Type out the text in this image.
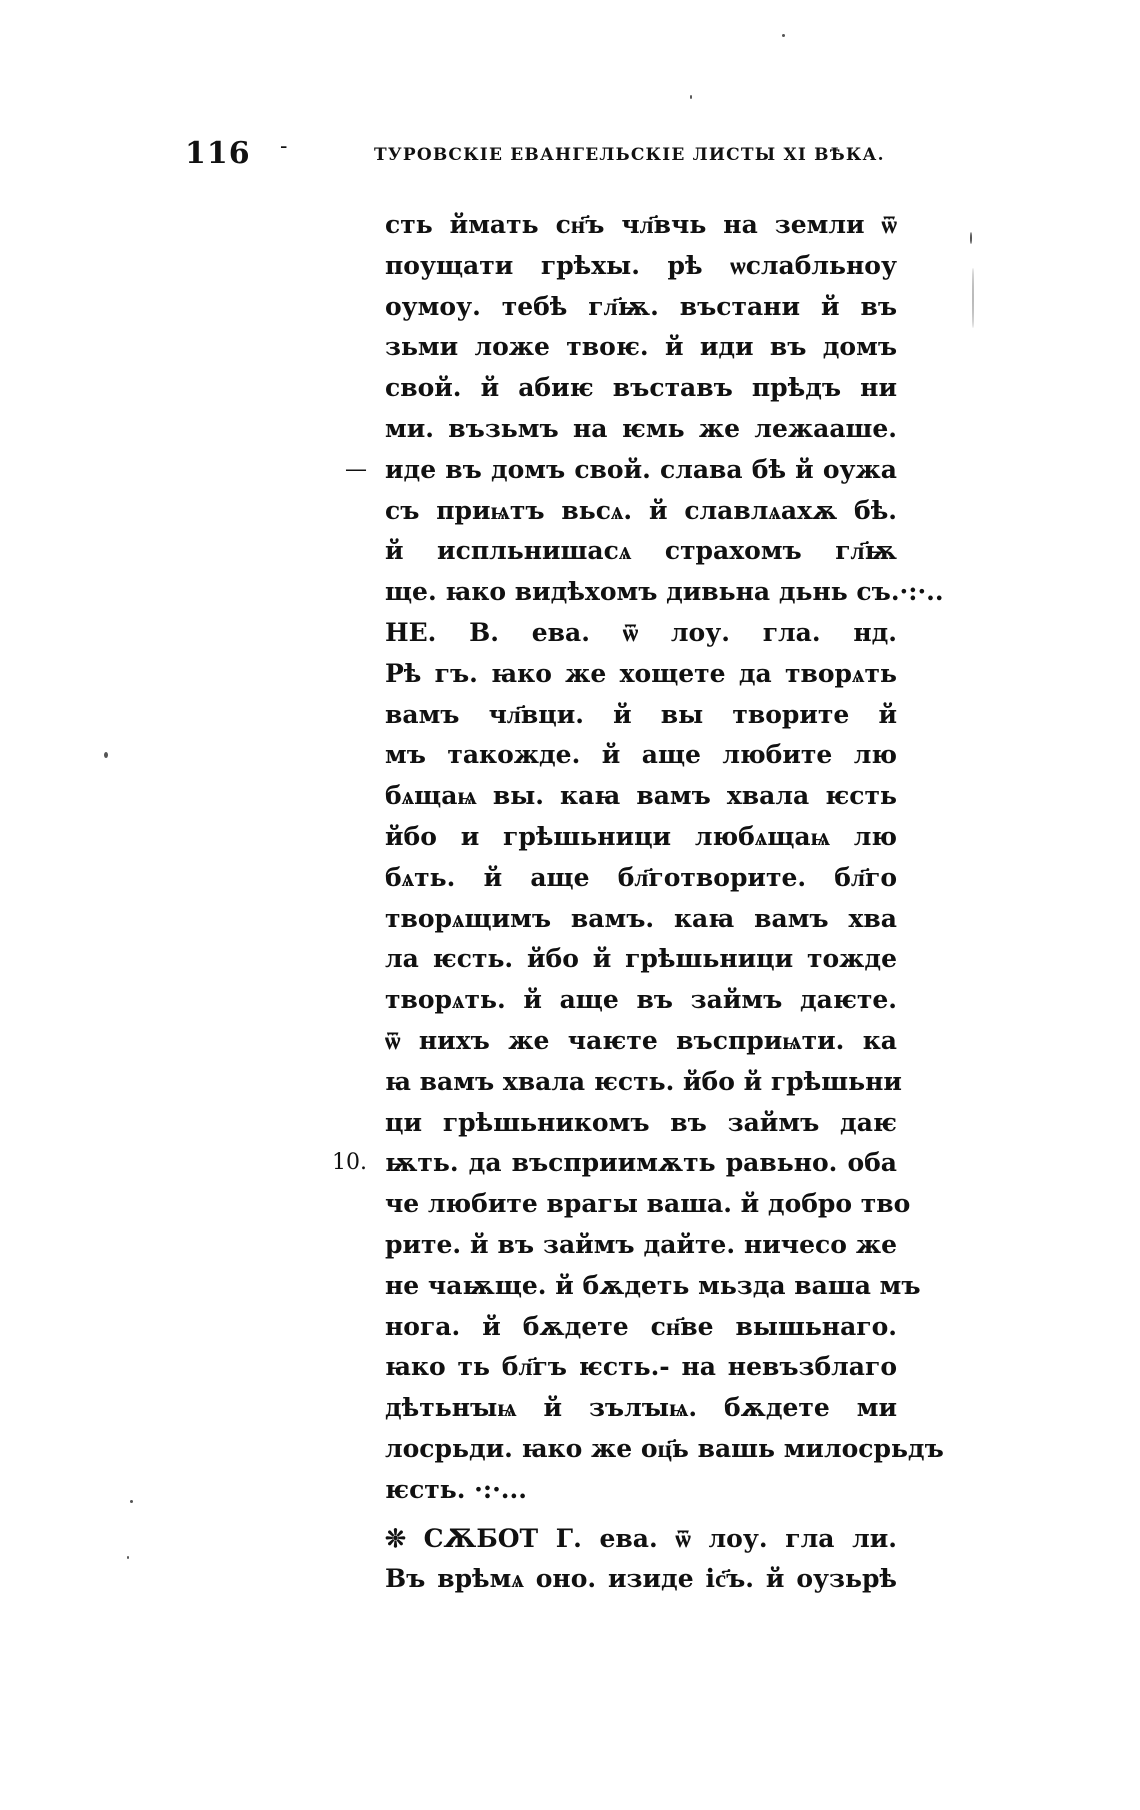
116 -	ТУРОВСКІЕ ЕВАНГЕЛЬСКІЕ ЛИСТЫ XI ВѢКА.
сть ймать сн҃ъ чл҃вчь на земли ѿ
поущати грѣхы. рѣ ѡслабльноу
оумоу. тебѣ гл҃ѭ. въстани й въ
зьми ложе твоѥ. й иди въ домъ
свой. й абиѥ въставъ прѣдъ ни
ми. възьмъ на ѥмь же лежааше.
иде въ домъ свой. слава бѣ й оужа
—
съ приѩтъ вьсѧ. й славлѧахѫ бѣ.
й испльнишасѧ страхомъ гл҃ѭ
ще. ꙗко видѣхомъ дивьна дьнь съ.·:·..
НЕ. В. ева. ѿ лоу. гла. нд.
Рѣ гъ. ꙗко же хощете да творѧть
вамъ чл҃вци. й вы творите й
мъ такожде. й аще любите лю
бѧщаѩ вы. каꙗ вамъ хвала ѥсть
йбо и грѣшьници любѧщаѩ лю
бѧть. й аще бл҃готворите. бл҃го
творѧщимъ вамъ. каꙗ вамъ хва
ла ѥсть. йбо й грѣшьници тожде
творѧть. й аще въ займъ даѥте.
ѿ нихъ же чаѥте въсприѩти. ка
ꙗ вамъ хвала ѥсть. йбо й грѣшьни
ци грѣшьникомъ въ займъ даѥ
ѭть. да въсприимѫть равьно. оба
10.
че любите врагы ваша. й добро тво
рите. й въ займъ дайте. ничесо же
не чаѭще. й бѫдеть мьзда ваша мъ
нога. й бѫдете сн҃ве вышьнаго.
ꙗко ть бл҃гъ ѥсть.- на невъзблаго
дѣтьнꙑѩ й зълꙑѩ. бѫдете ми
лосрьди. ꙗко же оц҃ь вашь милосрьдъ
ѥсть. ·:·...
❊ СѪБОТ Г. ева. ѿ лоу. гла ли.
Въ врѣмѧ оно. изиде іс҃ъ. й оузьрѣ
